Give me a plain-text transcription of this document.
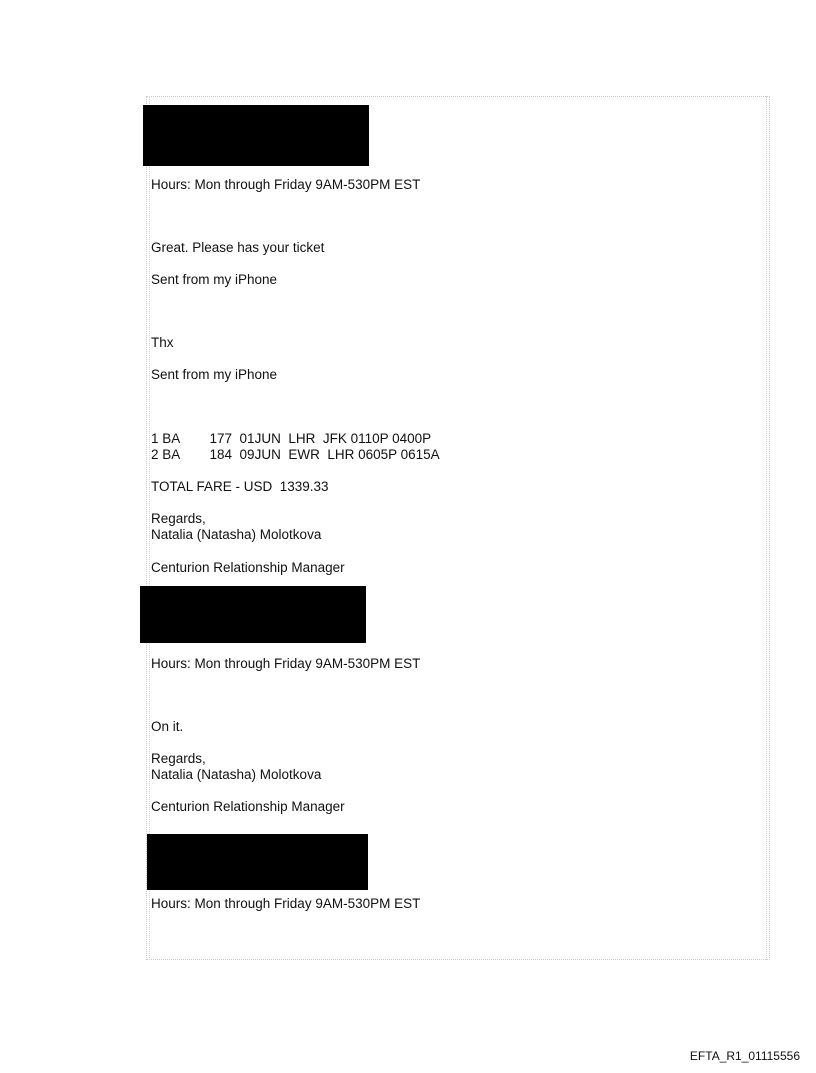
Hours: Mon through Friday 9AM-530PM EST
Great. Please has your ticket
Sent from my iPhone
Thx
Sent from my iPhone
1 BA        177  01JUN  LHR  JFK 0110P 0400P
2 BA        184  09JUN  EWR  LHR 0605P 0615A
TOTAL FARE - USD  1339.33
Regards,
Natalia (Natasha) Molotkova
Centurion Relationship Manager
Hours: Mon through Friday 9AM-530PM EST
On it.
Regards,
Natalia (Natasha) Molotkova
Centurion Relationship Manager
Hours: Mon through Friday 9AM-530PM EST
EFTA_R1_01115556
